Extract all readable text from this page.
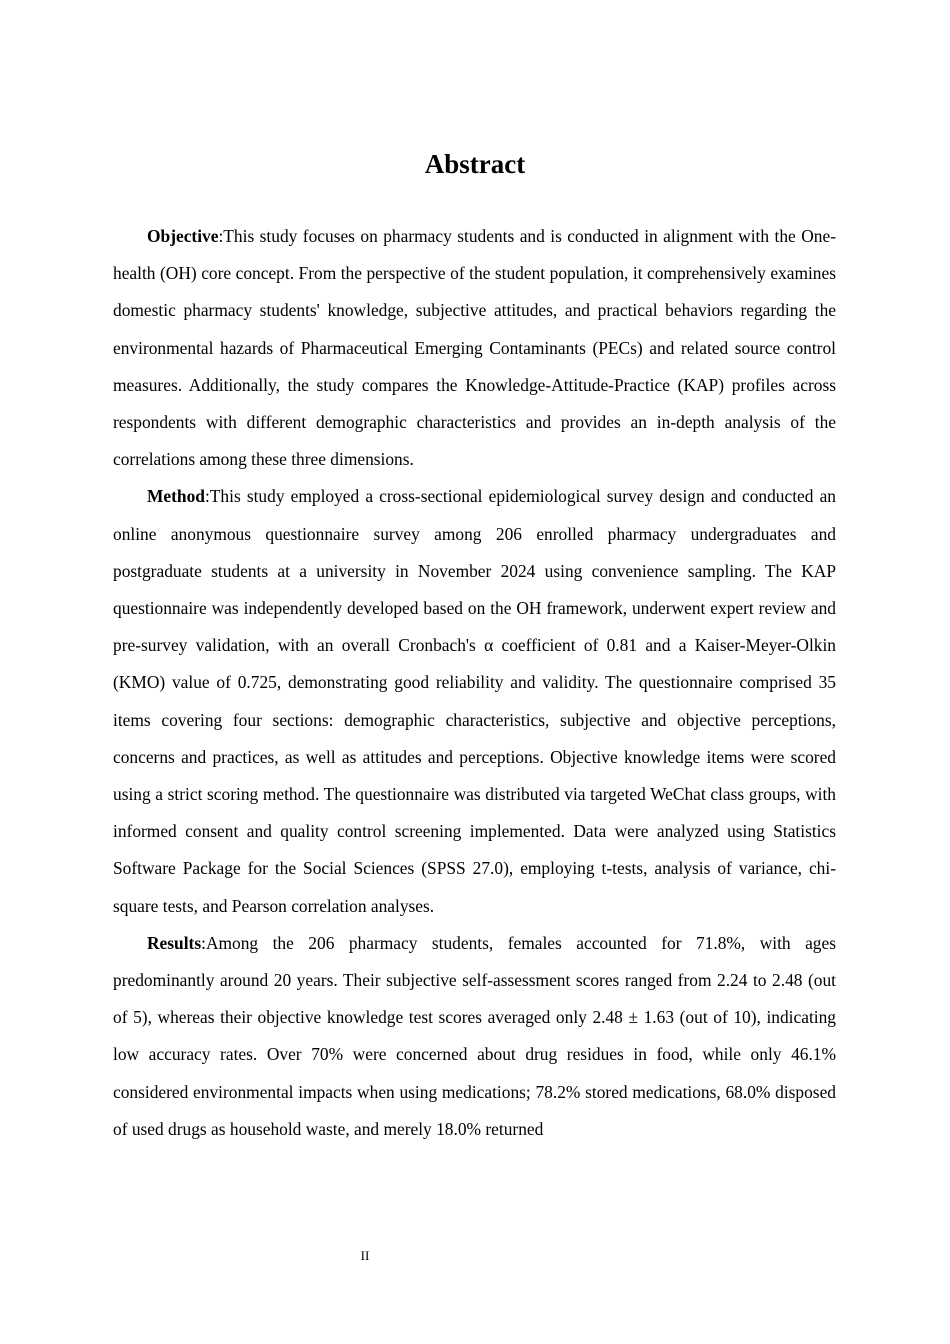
Abstract

Objective:This study focuses on pharmacy students and is conducted in alignment with the One-health (OH) core concept. From the perspective of the student population, it comprehensively examines domestic pharmacy students' knowledge, subjective attitudes, and practical behaviors regarding the environmental hazards of Pharmaceutical Emerging Contaminants (PECs) and related source control measures. Additionally, the study compares the Knowledge-Attitude-Practice (KAP) profiles across respondents with different demographic characteristics and provides an in-depth analysis of the correlations among these three dimensions.

Method:This study employed a cross-sectional epidemiological survey design and conducted an online anonymous questionnaire survey among 206 enrolled pharmacy undergraduates and postgraduate students at a university in November 2024 using convenience sampling. The KAP questionnaire was independently developed based on the OH framework, underwent expert review and pre-survey validation, with an overall Cronbach's α coefficient of 0.81 and a Kaiser-Meyer-Olkin (KMO) value of 0.725, demonstrating good reliability and validity. The questionnaire comprised 35 items covering four sections: demographic characteristics, subjective and objective perceptions, concerns and practices, as well as attitudes and perceptions. Objective knowledge items were scored using a strict scoring method. The questionnaire was distributed via targeted WeChat class groups, with informed consent and quality control screening implemented. Data were analyzed using Statistics Software Package for the Social Sciences (SPSS 27.0), employing t-tests, analysis of variance, chi-square tests, and Pearson correlation analyses.

Results:Among the 206 pharmacy students, females accounted for 71.8%, with ages predominantly around 20 years. Their subjective self-assessment scores ranged from 2.24 to 2.48 (out of 5), whereas their objective knowledge test scores averaged only 2.48 ± 1.63 (out of 10), indicating low accuracy rates. Over 70% were concerned about drug residues in food, while only 46.1% considered environmental impacts when using medications; 78.2% stored medications, 68.0% disposed of used drugs as household waste, and merely 18.0% returned

II
